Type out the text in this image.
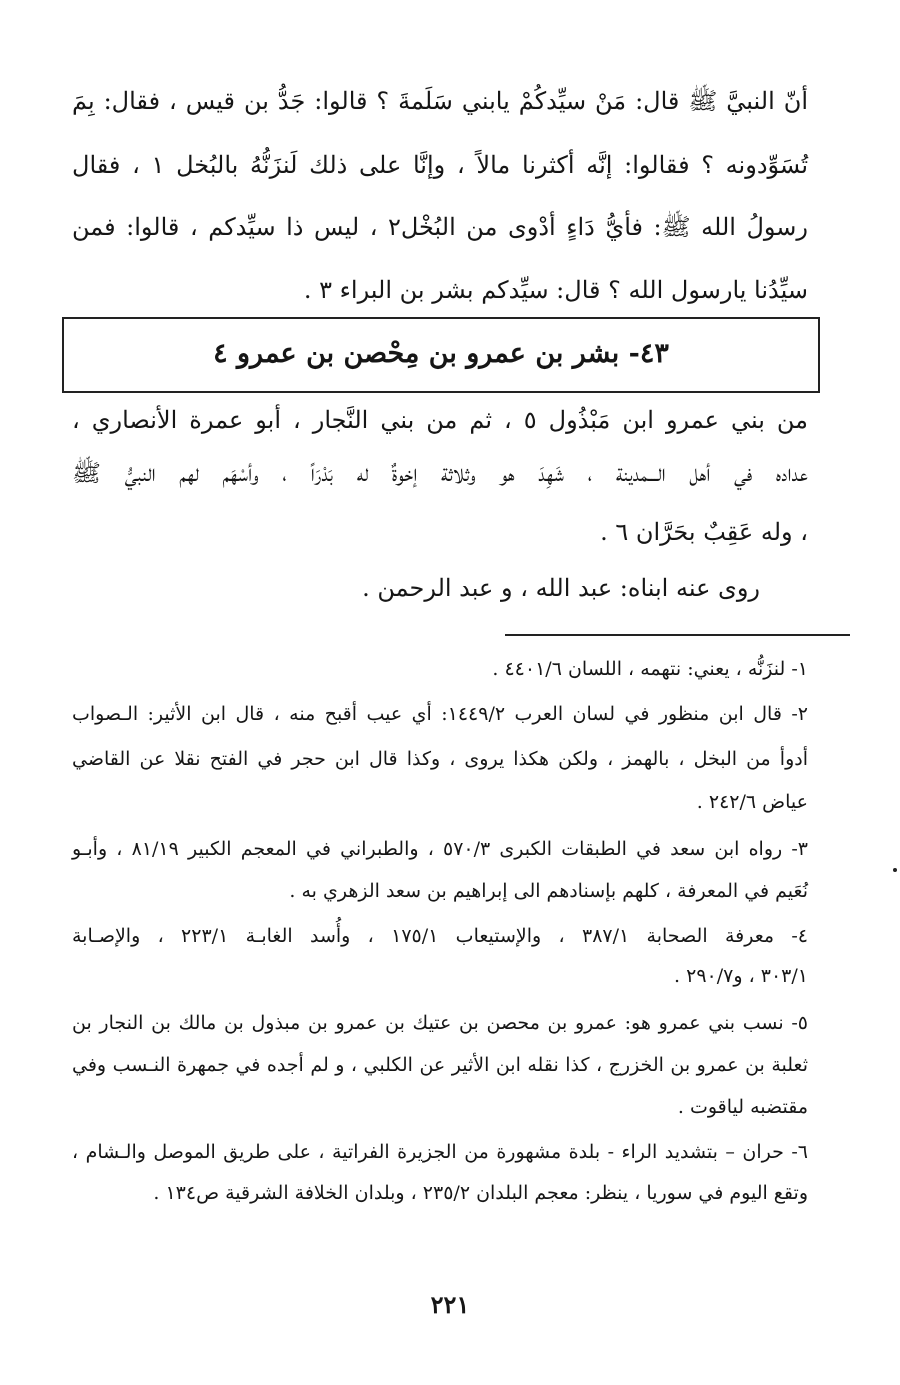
أنّ النبيَّ ﷺ قال: مَنْ سيِّدكُمْ يابني سَلَمةَ ؟ قالوا: جَدُّ بن قيس ، فقال: بِمَ
تُسَوِّدونه ؟ فقالوا: إنَّه أكثرنا مالاً ، وإنَّا على ذلك لَنزَنُّهُ بالبُخل ١ ، فقال
رسولُ الله ﷺ: فأيُّ دَاءٍ أدْوى من البُخْل٢ ، ليس ذا سيِّدكم ، قالوا: فمن
سيِّدُنا يارسول الله ؟ قال: سيِّدكم بشر بن البراء ٣ .
٤٣- بشر بن عمرو بن مِحْصن بن عمرو ٤
من بني عمرو ابن مَبْذُول ٥ ، ثم من بني النَّجار ، أبو عمرة الأنصاري ،
عداده في أهل الـــمدينة ، شَهِدَ هو وثلاثة إخوةٌ له بَدْرَاً ، وأسْهَم لهم النبيُّ ﷺ
، وله عَقِبٌ بحَرَّان ٦ .
روى عنه ابناه: عبد الله ، و عبد الرحمن .
١- لنزَنُّه ، يعني: نتهمه ، اللسان ٤٤٠١/٦ .
٢- قال ابن منظور في لسان العرب ١٤٤٩/٢: أي عيب أقبح منه ، قال ابن الأثير: الـصواب
أدوأ من البخل ، بالهمز ، ولكن هكذا يروى ، وكذا قال ابن حجر في الفتح نقلا عن القاضي
عياض ٢٤٢/٦ .
٣- رواه ابن سعد في الطبقات الكبرى ٥٧٠/٣ ، والطبراني في المعجم الكبير ٨١/١٩ ، وأبـو
نُعَيم في المعرفة ، كلهم بإسنادهم الى إبراهيم بن سعد الزهري به .
٤- معرفة الصحابة ٣٨٧/١ ، والإستيعاب ١٧٥/١ ، وأُسد الغابـة ٢٢٣/١ ، والإصـابة
٣٠٣/١ ، و٢٩٠/٧ .
٥- نسب بني عمرو هو: عمرو بن محصن بن عتيك بن عمرو بن مبذول بن مالك بن النجار بن
ثعلبة بن عمرو بن الخزرج ، كذا نقله ابن الأثير عن الكلبي ، و لم أجده في جمهرة النـسب وفي
مقتضبه لياقوت .
٦- حران – بتشديد الراء - بلدة مشهورة من الجزيرة الفراتية ، على طريق الموصل والـشام ،
وتقع اليوم في سوريا ، ينظر: معجم البلدان ٢٣٥/٢ ، وبلدان الخلافة الشرقية ص١٣٤ .
٢٢١
